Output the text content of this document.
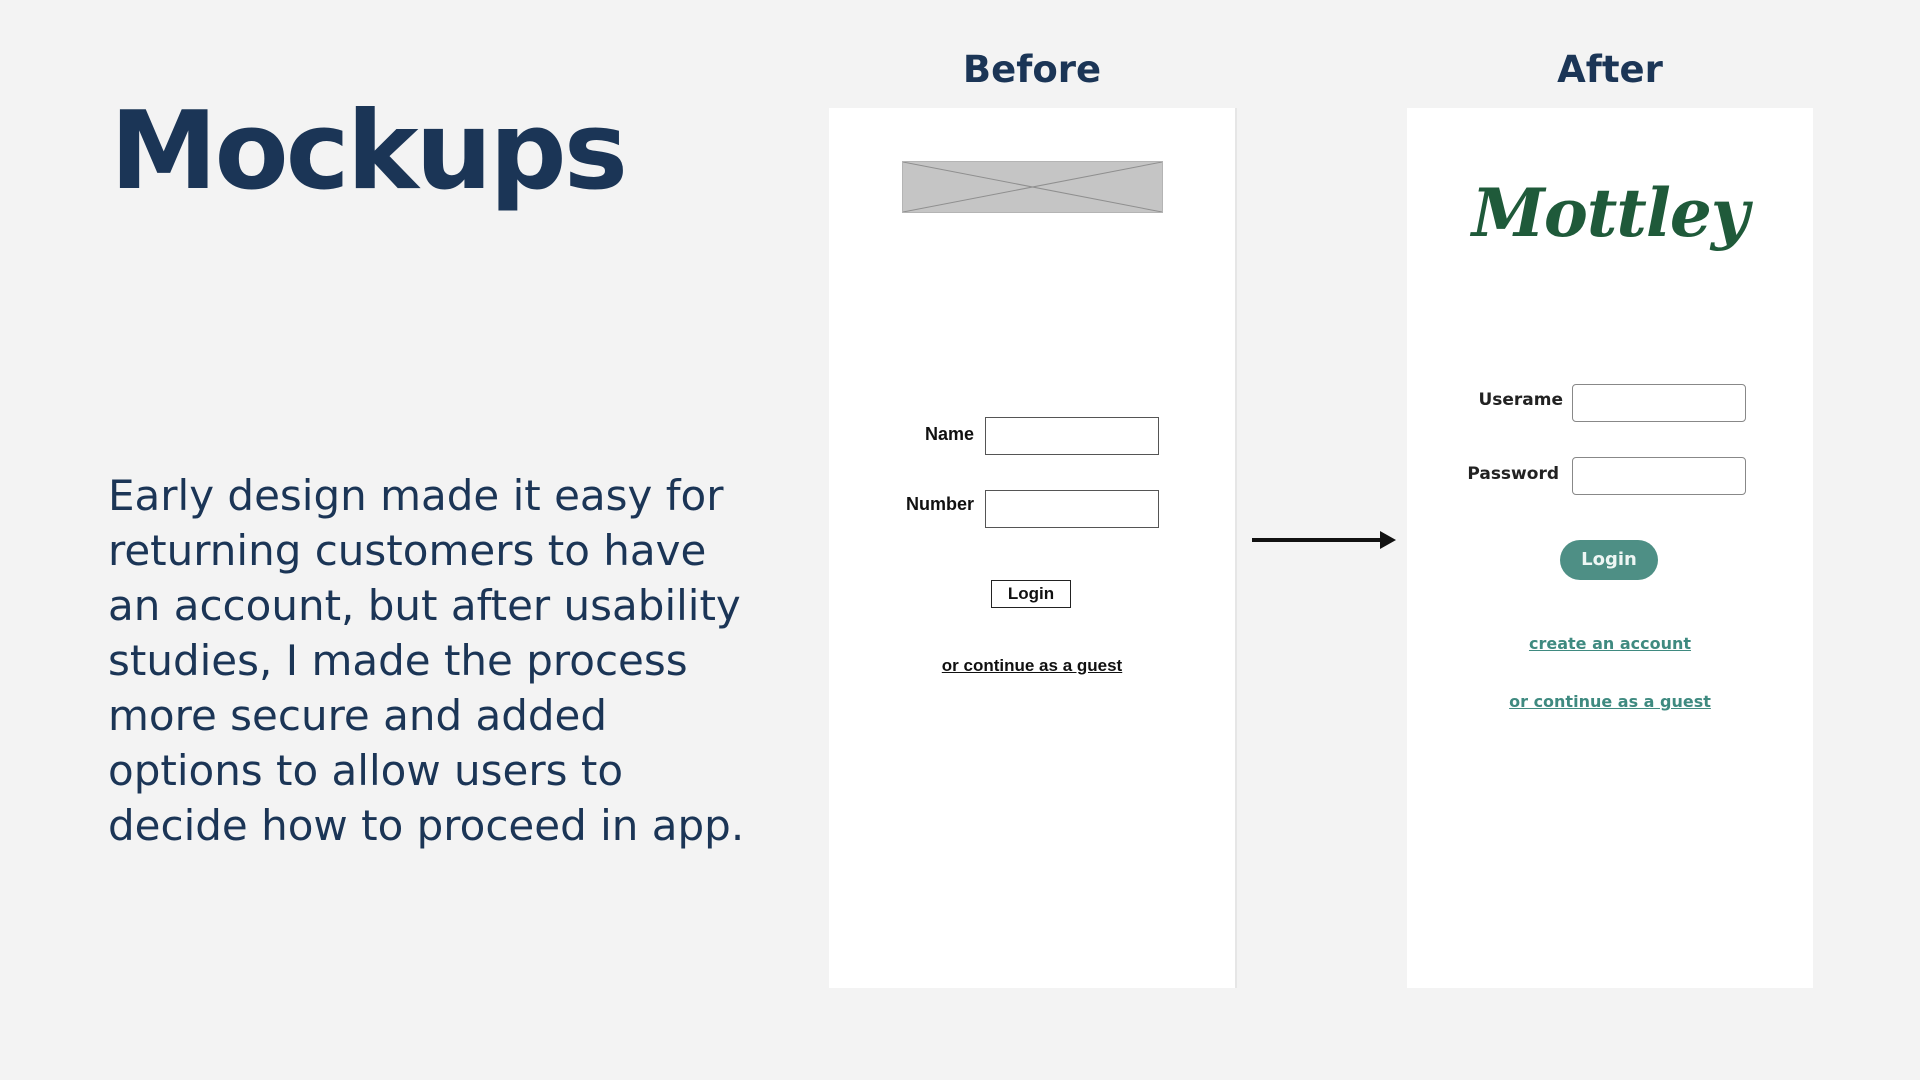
Mockups
Early design made it easy for returning customers to have an account, but after usability studies, I made the process more secure and added options to allow users to decide how to proceed in app.
Before	After
Name
Number
Login
or continue as a guest
Mottley
Userame
Password
Login
create an account
or continue as a guest
